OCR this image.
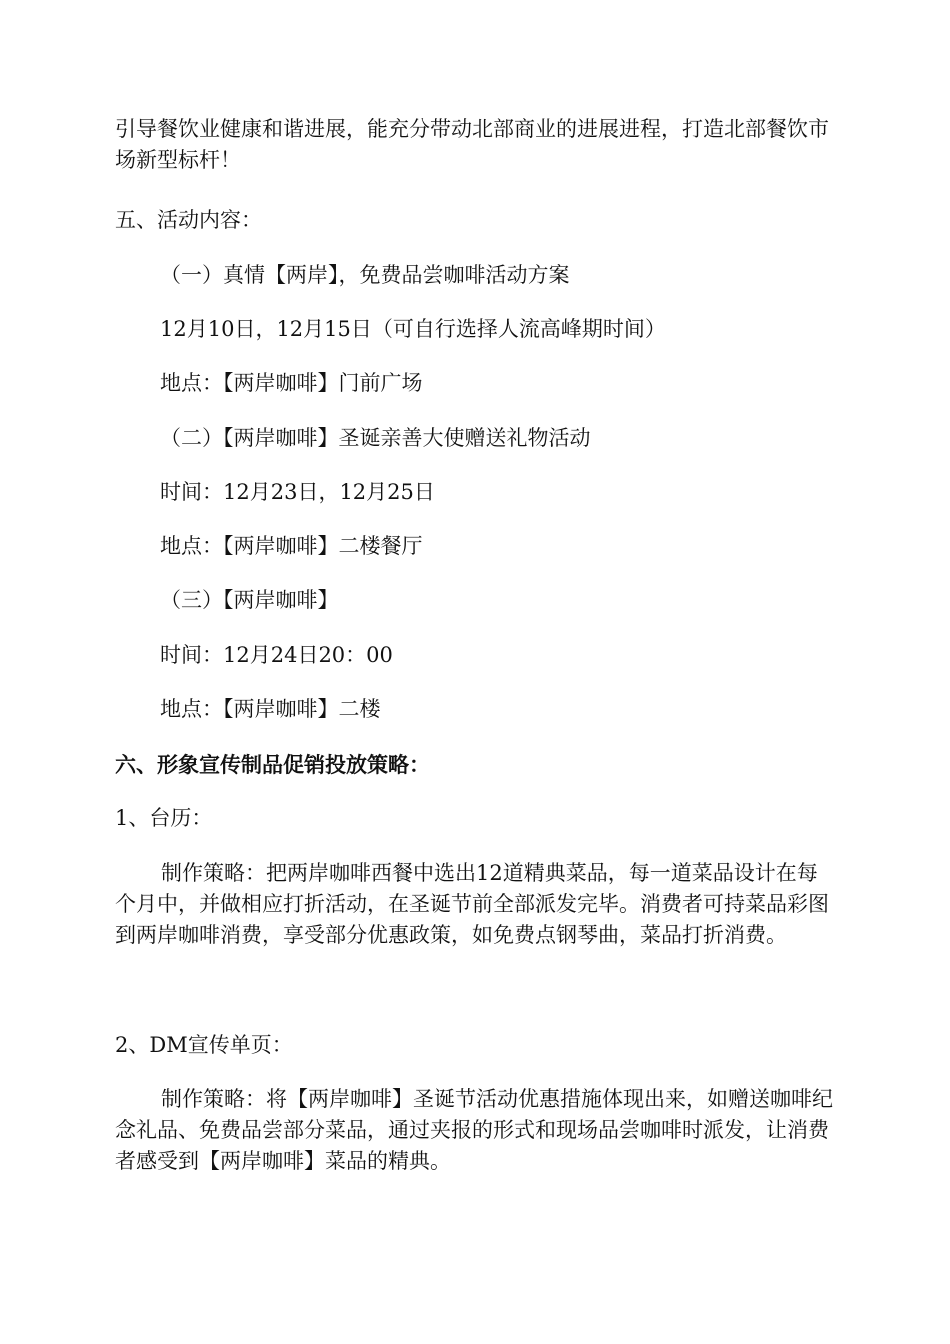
引导餐饮业健康和谐进展，能充分带动北部商业的进展进程，打造北部餐饮市场新型标杆！

五、活动内容：

（一）真情【两岸】，免费品尝咖啡活动方案

12月10日，12月15日（可自行选择人流高峰期时间）

地点：【两岸咖啡】门前广场

（二）【两岸咖啡】圣诞亲善大使赠送礼物活动

时间：12月23日，12月25日

地点：【两岸咖啡】二楼餐厅

（三）【两岸咖啡】

时间：12月24日20：00

地点：【两岸咖啡】二楼

六、形象宣传制品促销投放策略：

1、台历：

制作策略：把两岸咖啡西餐中选出12道精典菜品，每一道菜品设计在每个月中，并做相应打折活动，在圣诞节前全部派发完毕。消费者可持菜品彩图到两岸咖啡消费，享受部分优惠政策，如免费点钢琴曲，菜品打折消费。

2、DM宣传单页：

制作策略：将【两岸咖啡】圣诞节活动优惠措施体现出来，如赠送咖啡纪念礼品、免费品尝部分菜品，通过夹报的形式和现场品尝咖啡时派发，让消费者感受到【两岸咖啡】菜品的精典。
